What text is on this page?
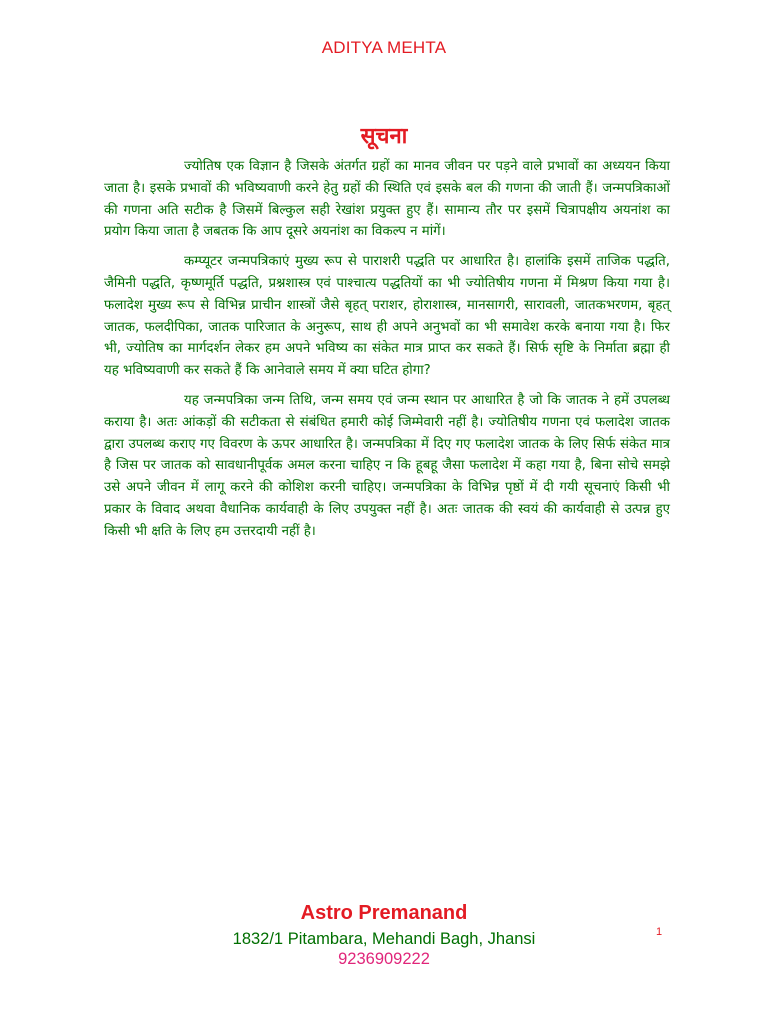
ADITYA MEHTA
सूचना

ज्योतिष एक विज्ञान है जिसके अंतर्गत ग्रहों का मानव जीवन पर पड़ने वाले प्रभावों का अध्ययन किया जाता है। इसके प्रभावों की भविष्यवाणी करने हेतु ग्रहों की स्थिति एवं इसके बल की गणना की जाती हैं। जन्मपत्रिकाओं की गणना अति सटीक है जिसमें बिल्कुल सही रेखांश प्रयुक्त हुए हैं। सामान्य तौर पर इसमें चित्रापक्षीय अयनांश का प्रयोग किया जाता है जबतक कि आप दूसरे अयनांश का विकल्प न मांगें।

कम्प्यूटर जन्मपत्रिकाएं मुख्य रूप से पाराशरी पद्धति पर आधारित है। हालांकि इसमें ताजिक पद्धति, जैमिनी पद्धति, कृष्णमूर्ति पद्धति, प्रश्नशास्त्र एवं पाश्चात्य पद्धतियों का भी ज्योतिषीय गणना में मिश्रण किया गया है। फलादेश मुख्य रूप से विभिन्न प्राचीन शास्त्रों जैसे बृहत् पराशर, होराशास्त्र, मानसागरी, सारावली, जातकभरणम, बृहत् जातक, फलदीपिका, जातक पारिजात के अनुरूप, साथ ही अपने अनुभवों का भी समावेश करके बनाया गया है। फिर भी, ज्योतिष का मार्गदर्शन लेकर हम अपने भविष्य का संकेत मात्र प्राप्त कर सकते हैं। सिर्फ सृष्टि के निर्माता ब्रह्मा ही यह भविष्यवाणी कर सकते हैं कि आनेवाले समय में क्या घटित होगा?

यह जन्मपत्रिका जन्म तिथि, जन्म समय एवं जन्म स्थान पर आधारित है जो कि जातक ने हमें उपलब्ध कराया है। अतः आंकड़ों की सटीकता से संबंधित हमारी कोई जिम्मेवारी नहीं है। ज्योतिषीय गणना एवं फलादेश जातक द्वारा उपलब्ध कराए गए विवरण के ऊपर आधारित है। जन्मपत्रिका में दिए गए फलादेश जातक के लिए सिर्फ संकेत मात्र है जिस पर जातक को सावधानीपूर्वक अमल करना चाहिए न कि हूबहू जैसा फलादेश में कहा गया है, बिना सोचे समझे उसे अपने जीवन में लागू करने की कोशिश करनी चाहिए। जन्मपत्रिका के विभिन्न पृष्ठों में दी गयी सूचनाएं किसी भी प्रकार के विवाद अथवा वैधानिक कार्यवाही के लिए उपयुक्त नहीं है। अतः जातक की स्वयं की कार्यवाही से उत्पन्न हुए किसी भी क्षति के लिए हम उत्तरदायी नहीं है।

Astro Premanand
1832/1 Pitambara, Mehandi Bagh, Jhansi
9236909222
1
